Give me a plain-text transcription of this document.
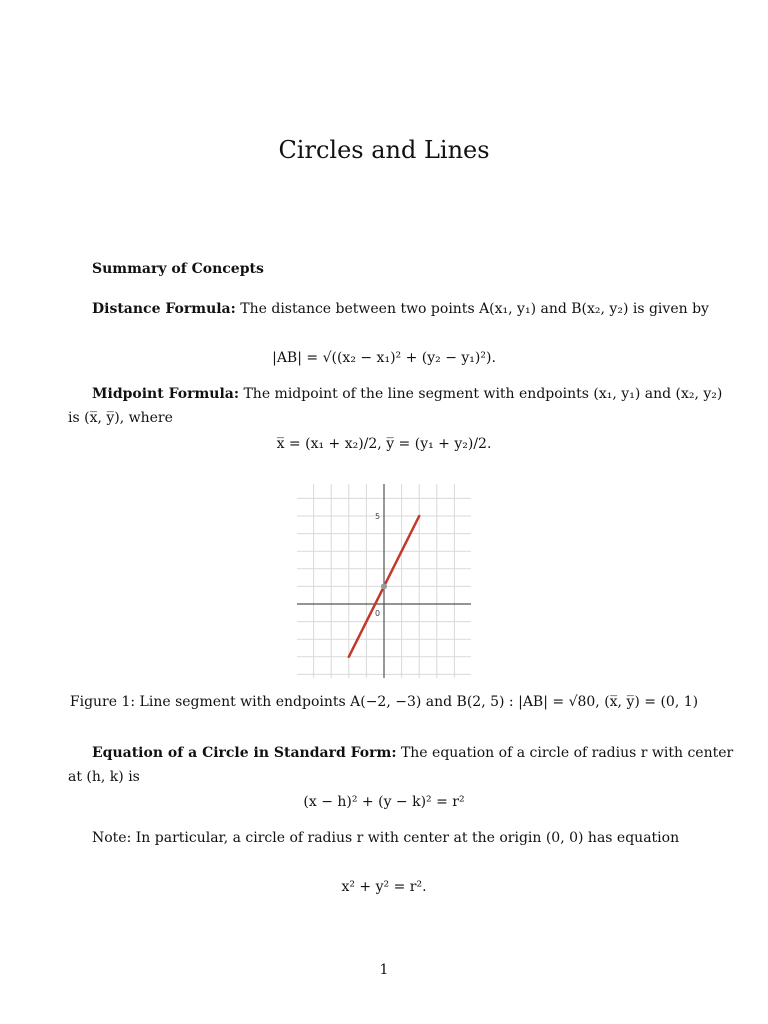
Circles and Lines
Summary of Concepts
Distance Formula: The distance between two points A(x₁, y₁) and B(x₂, y₂) is given by
|AB| = √((x₂ − x₁)² + (y₂ − y₁)²).
Midpoint Formula: The midpoint of the line segment with endpoints (x₁, y₁) and (x₂, y₂)
is (x̅, y̅), where
x̅ = (x₁ + x₂)/2, y̅ = (y₁ + y₂)/2.
5
0
Figure 1: Line segment with endpoints A(−2, −3) and B(2, 5) : |AB| = √80, (x̅, y̅) = (0, 1)
Equation of a Circle in Standard Form: The equation of a circle of radius r with center
at (h, k) is
(x − h)² + (y − k)² = r²
Note: In particular, a circle of radius r with center at the origin (0, 0) has equation
x² + y² = r².
1
